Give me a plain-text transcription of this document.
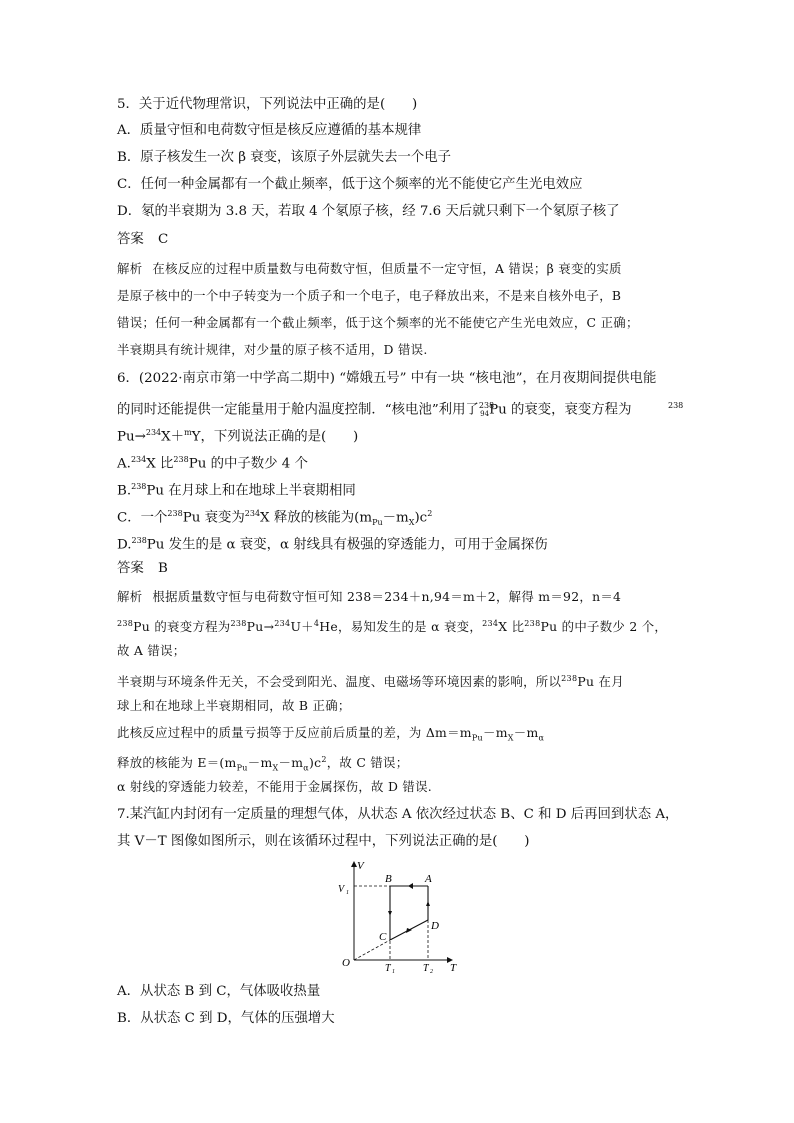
5．关于近代物理常识，下列说法中正确的是(　　)
A．质量守恒和电荷数守恒是核反应遵循的基本规律
B．原子核发生一次 β 衰变，该原子外层就失去一个电子
C．任何一种金属都有一个截止频率，低于这个频率的光不能使它产生光电效应
D．氡的半衰期为 3.8 天，若取 4 个氡原子核，经 7.6 天后就只剩下一个氡原子核了
答案 C
解析 在核反应的过程中质量数与电荷数守恒，但质量不一定守恒，A 错误；β 衰变的实质
是原子核中的一个中子转变为一个质子和一个电子，电子释放出来，不是来自核外电子，B
错误；任何一种金属都有一个截止频率，低于这个频率的光不能使它产生光电效应，C 正确；
半衰期具有统计规律，对少量的原子核不适用，D 错误.
6．(2022·南京市第一中学高二期中) “嫦娥五号” 中有一块 “核电池”，在月夜期间提供电能
的同时还能提供一定能量用于舱内温度控制．“核电池”利用了$^{238}_{94}$Pu 的衰变，衰变方程为	$^{238}$
Pu→$^{234}$X＋$^m$Y，下列说法正确的是(　　)
A.$^{234}$X 比$^{238}$Pu 的中子数少 4 个
B.$^{238}$Pu 在月球上和在地球上半衰期相同
C．一个$^{238}$Pu 衰变为$^{234}$X 释放的核能为$(m_{Pu}-m_X)c^2$
D.$^{238}$Pu 发生的是 α 衰变，α 射线具有极强的穿透能力，可用于金属探伤
答案 B
解析 根据质量数守恒与电荷数守恒可知 238＝234＋n,94＝m＋2，解得 m＝92，n＝4
$^{238}$Pu 的衰变方程为$^{238}$Pu→$^{234}$U＋$^4$He，易知发生的是 α 衰变，$^{234}$X 比$^{238}$Pu 的中子数少 2 个，
故 A 错误；
半衰期与环境条件无关，不会受到阳光、温度、电磁场等环境因素的影响，所以$^{238}$Pu 在月
球上和在地球上半衰期相同，故 B 正确；
此核反应过程中的质量亏损等于反应前后质量的差，为 $\Delta m=m_{Pu}-m_X-m_\alpha$
释放的核能为 $E=(m_{Pu}-m_X-m_\alpha)c^2$，故 C 错误；
α 射线的穿透能力较差，不能用于金属探伤，故 D 错误.
7.某汽缸内封闭有一定质量的理想气体，从状态 A 依次经过状态 B、C 和 D 后再回到状态 A，
其 V－T 图像如图所示，则在该循环过程中，下列说法正确的是(　　)
V
T
O
V 1
T 1	T 2
B	A
C
D
A．从状态 B 到 C，气体吸收热量
B．从状态 C 到 D，气体的压强增大
